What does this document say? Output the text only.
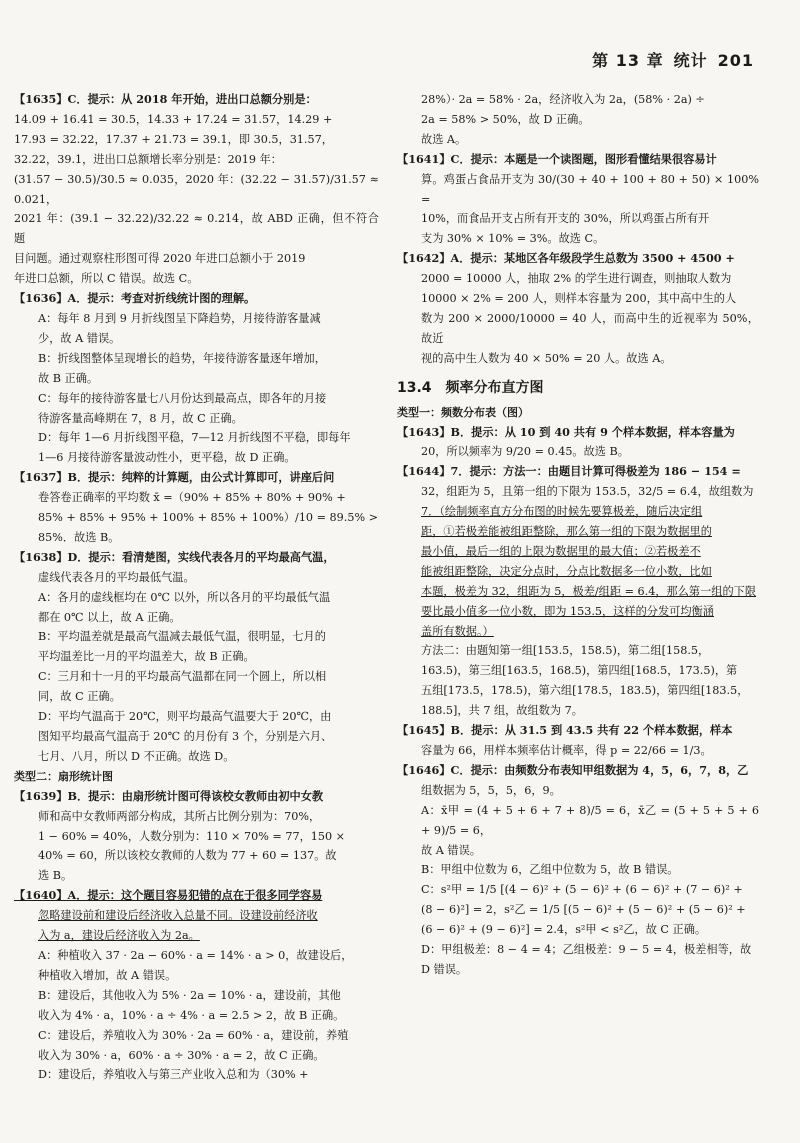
第 13 章 统计 201

【1635】C．提示：从 2018 年开始，进出口总额分别是：

14.09 + 16.41 = 30.5，14.33 + 17.24 = 31.57，14.29 +

17.93 = 32.22，17.37 + 21.73 = 39.1，即 30.5，31.57，

32.22，39.1，进出口总额增长率分别是：2019 年：

(31.57 − 30.5)/30.5 ≈ 0.035，2020 年：(32.22 − 31.57)/31.57 ≈ 0.021，

2021 年：(39.1 − 32.22)/32.22 ≈ 0.214，故 ABD 正确，但不符合题

目问题。通过观察柱形图可得 2020 年进口总额小于 2019

年进口总额，所以 C 错误。故选 C。

【1636】A．提示：考查对折线统计图的理解。

A：每年 8 月到 9 月折线图呈下降趋势，月接待游客量减

少，故 A 错误。

B：折线图整体呈现增长的趋势，年接待游客量逐年增加，

故 B 正确。

C：每年的接待游客量七八月份达到最高点，即各年的月接

待游客量高峰期在 7，8 月，故 C 正确。

D：每年 1—6 月折线图平稳，7—12 月折线图不平稳，即每年

1—6 月接待游客量波动性小，更平稳，故 D 正确。

【1637】B．提示：纯粹的计算题，由公式计算即可，讲座后问

卷答卷正确率的平均数 x̄ =（90% + 85% + 80% + 90% +

85% + 85% + 95% + 100% + 85% + 100%）/10 = 89.5% >

85%．故选 B。

【1638】D．提示：看清楚图，实线代表各月的平均最高气温，

虚线代表各月的平均最低气温。

A：各月的虚线框均在 0℃ 以外，所以各月的平均最低气温

都在 0℃ 以上，故 A 正确。

B：平均温差就是最高气温减去最低气温，很明显，七月的

平均温差比一月的平均温差大，故 B 正确。

C：三月和十一月的平均最高气温都在同一个圆上，所以相

同，故 C 正确。

D：平均气温高于 20℃，则平均最高气温要大于 20℃，由

图知平均最高气温高于 20℃ 的月份有 3 个，分别是六月、

七月、八月，所以 D 不正确。故选 D。

类型二：扇形统计图

【1639】B．提示：由扇形统计图可得该校女教师由初中女教

师和高中女教师两部分构成，其所占比例分别为：70%，

1 − 60% = 40%，人数分别为：110 × 70% = 77，150 ×

40% = 60，所以该校女教师的人数为 77 + 60 = 137。故

选 B。

【1640】A．提示：这个题目容易犯错的点在于很多同学容易

忽略建设前和建设后经济收入总量不同。设建设前经济收

入为 a，建设后经济收入为 2a。

A：种植收入 37 · 2a − 60% · a = 14% · a > 0，故建设后，

种植收入增加，故 A 错误。

B：建设后，其他收入为 5% · 2a = 10% · a，建设前，其他

收入为 4% · a，10% · a ÷ 4% · a = 2.5 > 2，故 B 正确。

C：建设后，养殖收入为 30% · 2a = 60% · a，建设前，养殖

收入为 30% · a，60% · a ÷ 30% · a = 2，故 C 正确。

D：建设后，养殖收入与第三产业收入总和为（30% +

28%）· 2a = 58% · 2a，经济收入为 2a，(58% · 2a) ÷

2a = 58% > 50%，故 D 正确。

故选 A。

【1641】C．提示：本题是一个读图题，图形看懂结果很容易计

算。鸡蛋占食品开支为 30/(30 + 40 + 100 + 80 + 50) × 100% =

10%，而食品开支占所有开支的 30%，所以鸡蛋占所有开

支为 30% × 10% = 3%。故选 C。

【1642】A．提示：某地区各年级段学生总数为 3500 + 4500 +

2000 = 10000 人，抽取 2% 的学生进行调查，则抽取人数为

10000 × 2% = 200 人，则样本容量为 200，其中高中生的人

数为 200 × 2000/10000 = 40 人，而高中生的近视率为 50%，故近

视的高中生人数为 40 × 50% = 20 人。故选 A。

13.4　频率分布直方图

类型一：频数分布表（图）

【1643】B．提示：从 10 到 40 共有 9 个样本数据，样本容量为

20，所以频率为 9/20 = 0.45。故选 B。

【1644】7．提示：方法一：由题目计算可得极差为 186 − 154 =

32，组距为 5，且第一组的下限为 153.5，32/5 = 6.4，故组数为

7．（绘制频率直方分布图的时候先要算极差，随后决定组

距，①若极差能被组距整除，那么第一组的下限为数据里的

最小值，最后一组的上限为数据里的最大值；②若极差不

能被组距整除，决定分点时，分点比数据多一位小数，比如

本题，极差为 32，组距为 5，极差/组距 = 6.4，那么第一组的下限

要比最小值多一位小数，即为 153.5，这样的分发可均衡涵

盖所有数据。）

方法二：由题知第一组[153.5，158.5)，第二组[158.5，

163.5)，第三组[163.5，168.5)，第四组[168.5，173.5)，第

五组[173.5，178.5)，第六组[178.5，183.5)，第四组[183.5，

188.5]，共 7 组，故组数为 7。

【1645】B．提示：从 31.5 到 43.5 共有 22 个样本数据，样本

容量为 66，用样本频率估计概率，得 p = 22/66 = 1/3。

【1646】C．提示：由频数分布表知甲组数据为 4，5，6，7，8，乙

组数据为 5，5，5，6，9。

A：x̄甲 = (4 + 5 + 6 + 7 + 8)/5 = 6，x̄乙 = (5 + 5 + 5 + 6 + 9)/5 = 6，

故 A 错误。

B：甲组中位数为 6，乙组中位数为 5，故 B 错误。

C：s²甲 = 1/5 [(4 − 6)² + (5 − 6)² + (6 − 6)² + (7 − 6)² +

(8 − 6)²] = 2，s²乙 = 1/5 [(5 − 6)² + (5 − 6)² + (5 − 6)² +

(6 − 6)² + (9 − 6)²] = 2.4，s²甲 < s²乙，故 C 正确。

D：甲组极差：8 − 4 = 4；乙组极差：9 − 5 = 4，极差相等，故

D 错误。
